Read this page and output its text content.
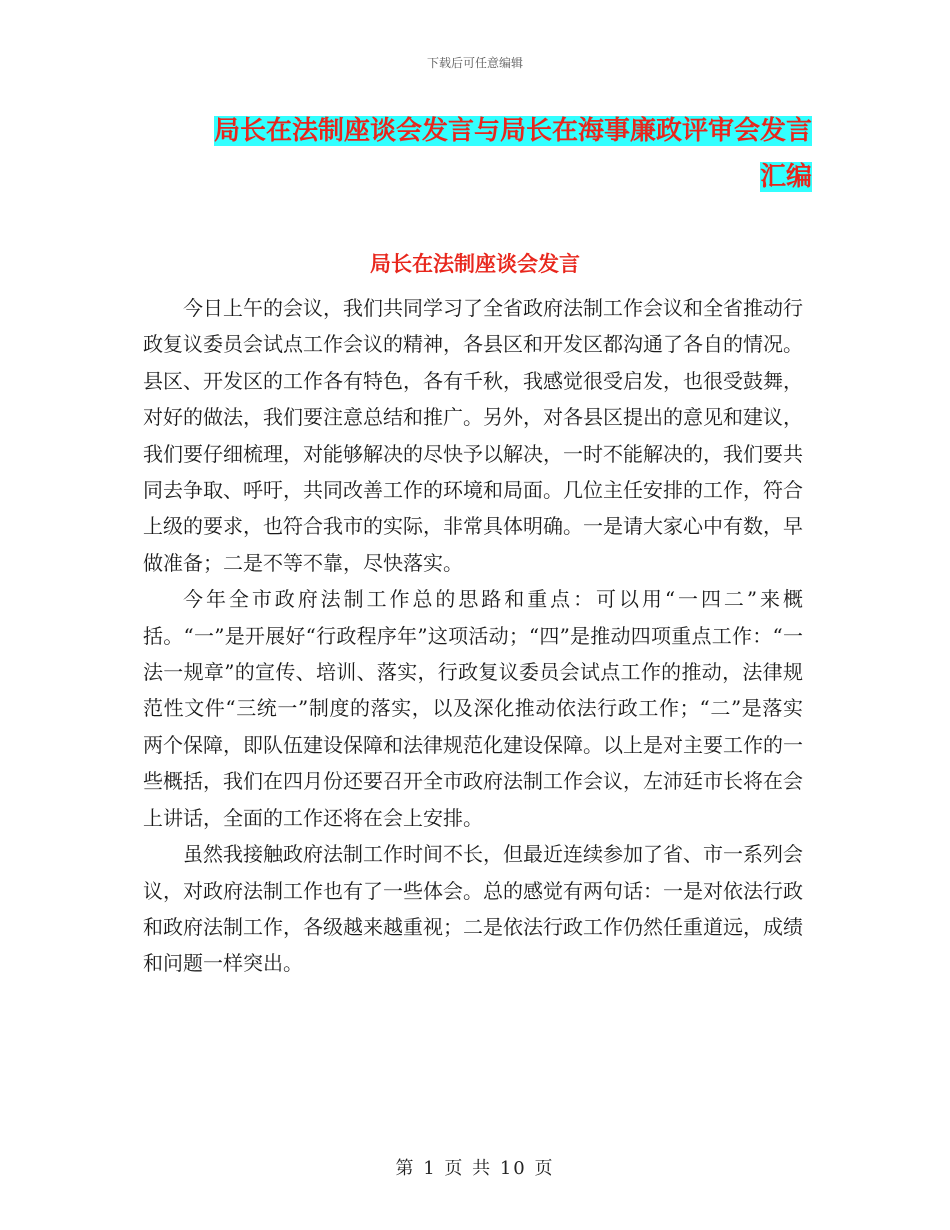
下载后可任意编辑
局长在法制座谈会发言与局长在海事廉政评审会发言
汇编
局长在法制座谈会发言

今日上午的会议，我们共同学习了全省政府法制工作会议和全省推动行政复议委员会试点工作会议的精神，各县区和开发区都沟通了各自的情况。县区、开发区的工作各有特色，各有千秋，我感觉很受启发，也很受鼓舞，对好的做法，我们要注意总结和推广。另外，对各县区提出的意见和建议，我们要仔细梳理，对能够解决的尽快予以解决，一时不能解决的，我们要共同去争取、呼吁，共同改善工作的环境和局面。几位主任安排的工作，符合上级的要求，也符合我市的实际，非常具体明确。一是请大家心中有数，早做准备；二是不等不靠，尽快落实。

今年全市政府法制工作总的思路和重点：可以用“一四二”来概括。“一”是开展好“行政程序年”这项活动；“四”是推动四项重点工作：“一法一规章”的宣传、培训、落实，行政复议委员会试点工作的推动，法律规范性文件“三统一”制度的落实，以及深化推动依法行政工作；“二”是落实两个保障，即队伍建设保障和法律规范化建设保障。以上是对主要工作的一些概括，我们在四月份还要召开全市政府法制工作会议，左沛廷市长将在会上讲话，全面的工作还将在会上安排。

虽然我接触政府法制工作时间不长，但最近连续参加了省、市一系列会议，对政府法制工作也有了一些体会。总的感觉有两句话：一是对依法行政和政府法制工作，各级越来越重视；二是依法行政工作仍然任重道远，成绩和问题一样突出。

第 1 页 共 10 页
